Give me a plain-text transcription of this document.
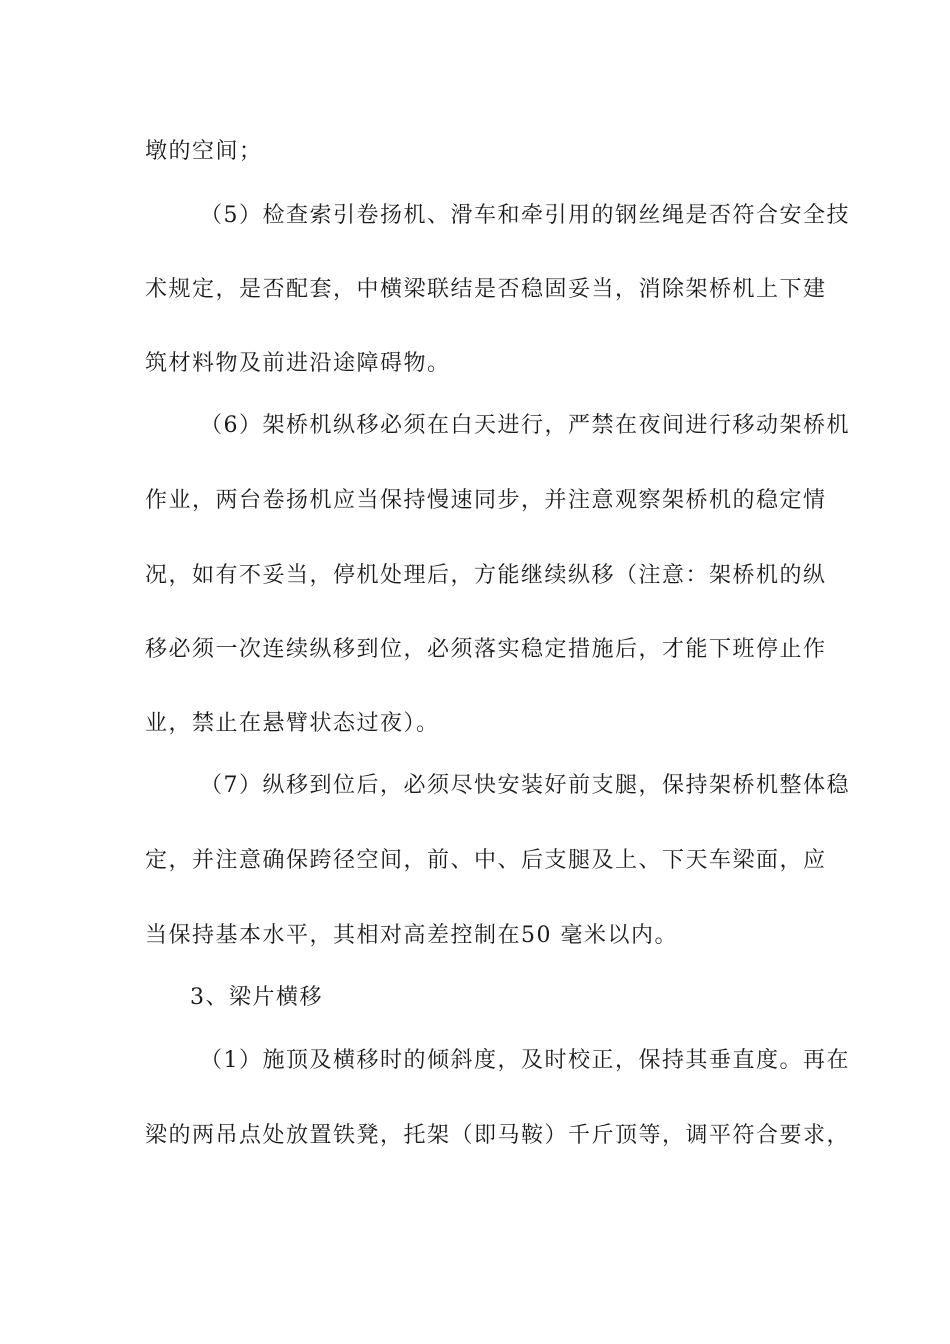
墩的空间；
（5）检查索引卷扬机、滑车和牵引用的钢丝绳是否符合安全技
术规定，是否配套，中横梁联结是否稳固妥当，消除架桥机上下建
筑材料物及前进沿途障碍物。
（6）架桥机纵移必须在白天进行，严禁在夜间进行移动架桥机
作业，两台卷扬机应当保持慢速同步，并注意观察架桥机的稳定情
况，如有不妥当，停机处理后，方能继续纵移（注意：架桥机的纵
移必须一次连续纵移到位，必须落实稳定措施后，才能下班停止作
业，禁止在悬臂状态过夜）。
（7）纵移到位后，必须尽快安装好前支腿，保持架桥机整体稳
定，并注意确保跨径空间，前、中、后支腿及上、下天车梁面，应
当保持基本水平，其相对高差控制在50 毫米以内。
3、梁片横移
（1）施顶及横移时的倾斜度，及时校正，保持其垂直度。再在
梁的两吊点处放置铁凳，托架（即马鞍）千斤顶等，调平符合要求，
